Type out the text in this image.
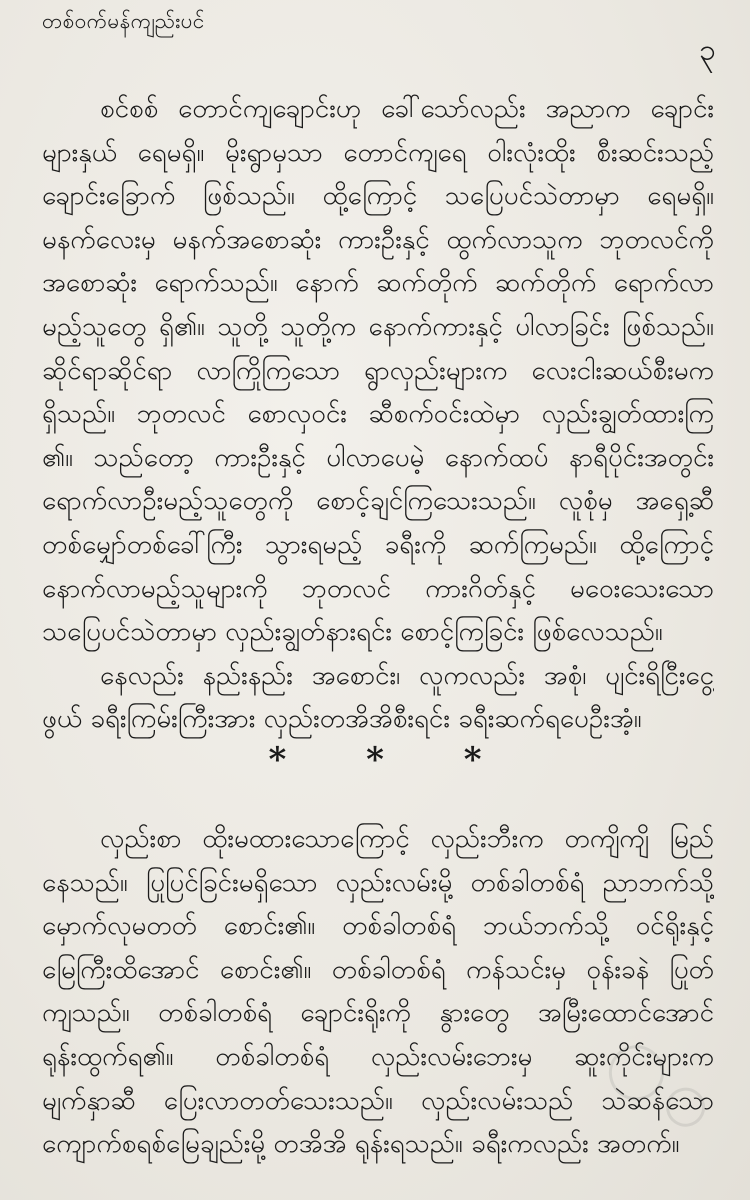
တစ်ဝက်မန်ကျည်းပင်
၃
စင်စစ် တောင်ကျချောင်းဟု ခေါ်သော်လည်း အညာက ချောင်း
များနှယ် ရေမရှိ။ မိုးရွာမှသာ တောင်ကျရေ ဝါးလုံးထိုး စီးဆင်းသည့်
ချောင်းခြောက် ဖြစ်သည်။ ထို့ကြောင့် သပြေပင်သဲတာမှာ ရေမရှိ။
မနက်လေးမှ မနက်အစောဆုံး ကားဦးနှင့် ထွက်လာသူက ဘုတလင်ကို
အစောဆုံး ရောက်သည်။ နောက် ဆက်တိုက် ဆက်တိုက် ရောက်လာ
မည့်သူတွေ ရှိ၏။ သူတို့ သူတို့က နောက်ကားနှင့် ပါလာခြင်း ဖြစ်သည်။
ဆိုင်ရာဆိုင်ရာ လာကြိုကြသော ရွာလှည်းများက လေးငါးဆယ်စီးမက
ရှိသည်။ ဘုတလင် စောလှဝင်း ဆီစက်ဝင်းထဲမှာ လှည်းချွတ်ထားကြ
၏။ သည်တော့ ကားဦးနှင့် ပါလာပေမဲ့ နောက်ထပ် နာရီပိုင်းအတွင်း
ရောက်လာဦးမည့်သူတွေကို စောင့်ချင်ကြသေးသည်။ လူစုံမှ အရှေ့ဆီ
တစ်မျှော်တစ်ခေါ်ကြီး သွားရမည့် ခရီးကို ဆက်ကြမည်။ ထို့ကြောင့်
နောက်လာမည့်သူများကို ဘုတလင် ကားဂိတ်နှင့် မဝေးသေးသော
သပြေပင်သဲတာမှာ လှည်းချွတ်နားရင်း စောင့်ကြခြင်း ဖြစ်လေသည်။
နေလည်း နည်းနည်း အစောင်း၊ လူကလည်း အစုံ၊ ပျင်းရိငြီးငွေ့
ဖွယ် ခရီးကြမ်းကြီးအား လှည်းတအိအိစီးရင်း ခရီးဆက်ရပေဦးအံ့။
* * *
လှည်းစာ ထိုးမထားသောကြောင့် လှည်းဘီးက တကျိကျိ မြည်
နေသည်။ ပြုပြင်ခြင်းမရှိသော လှည်းလမ်းမို့ တစ်ခါတစ်ရံ ညာဘက်သို့
မှောက်လုမတတ် စောင်း၏။ တစ်ခါတစ်ရံ ဘယ်ဘက်သို့ ဝင်ရိုးနှင့်
မြေကြီးထိအောင် စောင်း၏။ တစ်ခါတစ်ရံ ကန်သင်းမှ ဝုန်းခနဲ ပြုတ်
ကျသည်။ တစ်ခါတစ်ရံ ချောင်းရိုးကို နွားတွေ အမြီးထောင်အောင်
ရုန်းထွက်ရ၏။ တစ်ခါတစ်ရံ လှည်းလမ်းဘေးမှ ဆူးကိုင်းများက
မျက်နှာဆီ ပြေးလာတတ်သေးသည်။ လှည်းလမ်းသည် သဲဆန်သော
ကျောက်စရစ်မြေချည်းမို့ တအိအိ ရုန်းရသည်။ ခရီးကလည်း အတက်။
